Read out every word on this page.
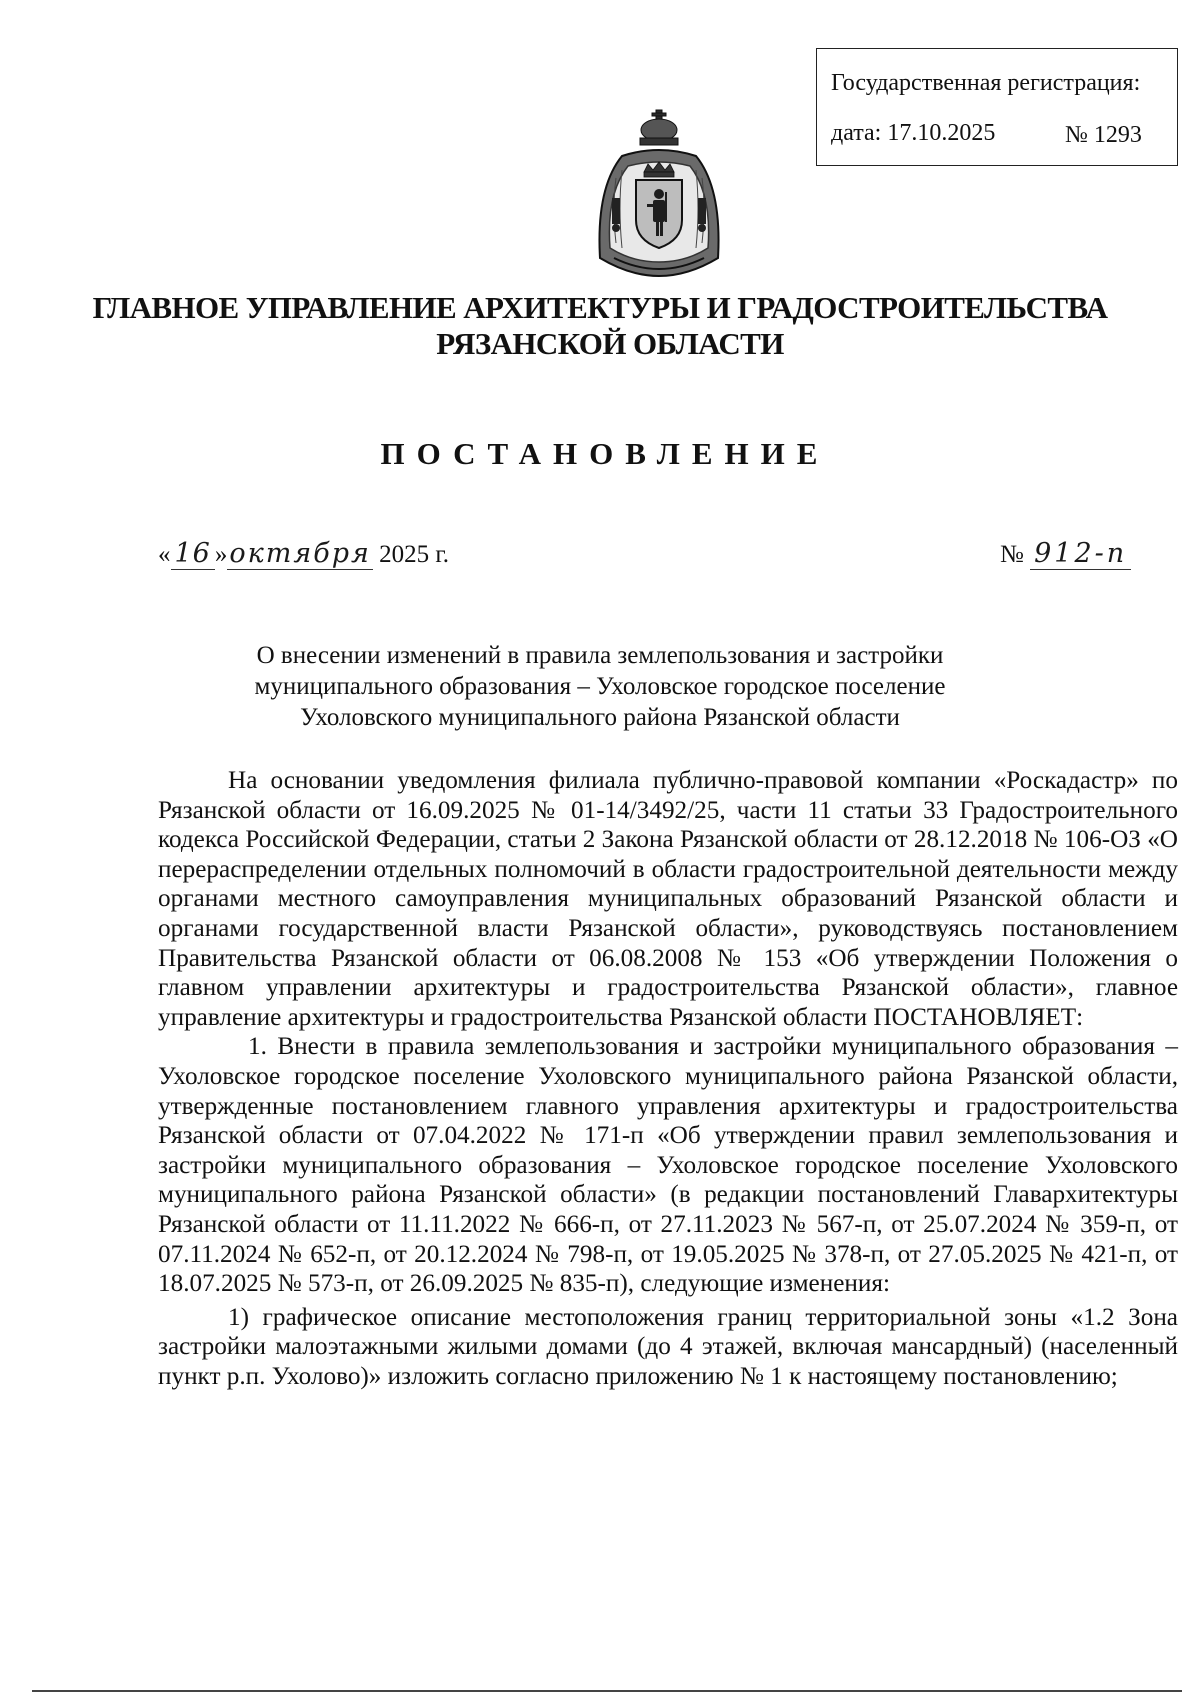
Государственная регистрация:
дата: 17.10.2025	№ 1293
ГЛАВНОЕ УПРАВЛЕНИЕ АРХИТЕКТУРЫ И ГРАДОСТРОИТЕЛЬСТВА
РЯЗАНСКОЙ ОБЛАСТИ
ПОСТАНОВЛЕНИЕ
« 16 »октября 2025 г.	№ 912-п
О внесении изменений в правила землепользования и застройки
муниципального образования – Ухоловское городское поселение
Ухоловского муниципального района Рязанской области

На основании уведомления филиала публично-правовой компании «Роскадастр» по Рязанской области от 16.09.2025 № 01-14/3492/25, части 11 статьи 33 Градостроительного кодекса Российской Федерации, статьи 2 Закона Рязанской области от 28.12.2018 № 106-ОЗ «О перераспределении отдельных полномочий в области градостроительной деятельности между органами местного самоуправления муниципальных образований Рязанской области и органами государственной власти Рязанской области», руководствуясь постановлением Правительства Рязанской области от 06.08.2008 № 153 «Об утверждении Положения о главном управлении архитектуры и градостроительства Рязанской области», главное управление архитектуры и градостроительства Рязанской области ПОСТАНОВЛЯЕТ:

1. Внести в правила землепользования и застройки муниципального образования – Ухоловское городское поселение Ухоловского муниципального района Рязанской области, утвержденные постановлением главного управления архитектуры и градостроительства Рязанской области от 07.04.2022 № 171-п «Об утверждении правил землепользования и застройки муниципального образования – Ухоловское городское поселение Ухоловского муниципального района Рязанской области» (в редакции постановлений Главархитектуры Рязанской области от 11.11.2022 № 666-п, от 27.11.2023 № 567-п, от 25.07.2024 № 359-п, от 07.11.2024 № 652-п, от 20.12.2024 № 798-п, от 19.05.2025 № 378-п, от 27.05.2025 № 421-п, от 18.07.2025 № 573-п, от 26.09.2025 № 835-п), следующие изменения:

1) графическое описание местоположения границ территориальной зоны «1.2 Зона застройки малоэтажными жилыми домами (до 4 этажей, включая мансардный) (населенный пункт р.п. Ухолово)» изложить согласно приложению № 1 к настоящему постановлению;
